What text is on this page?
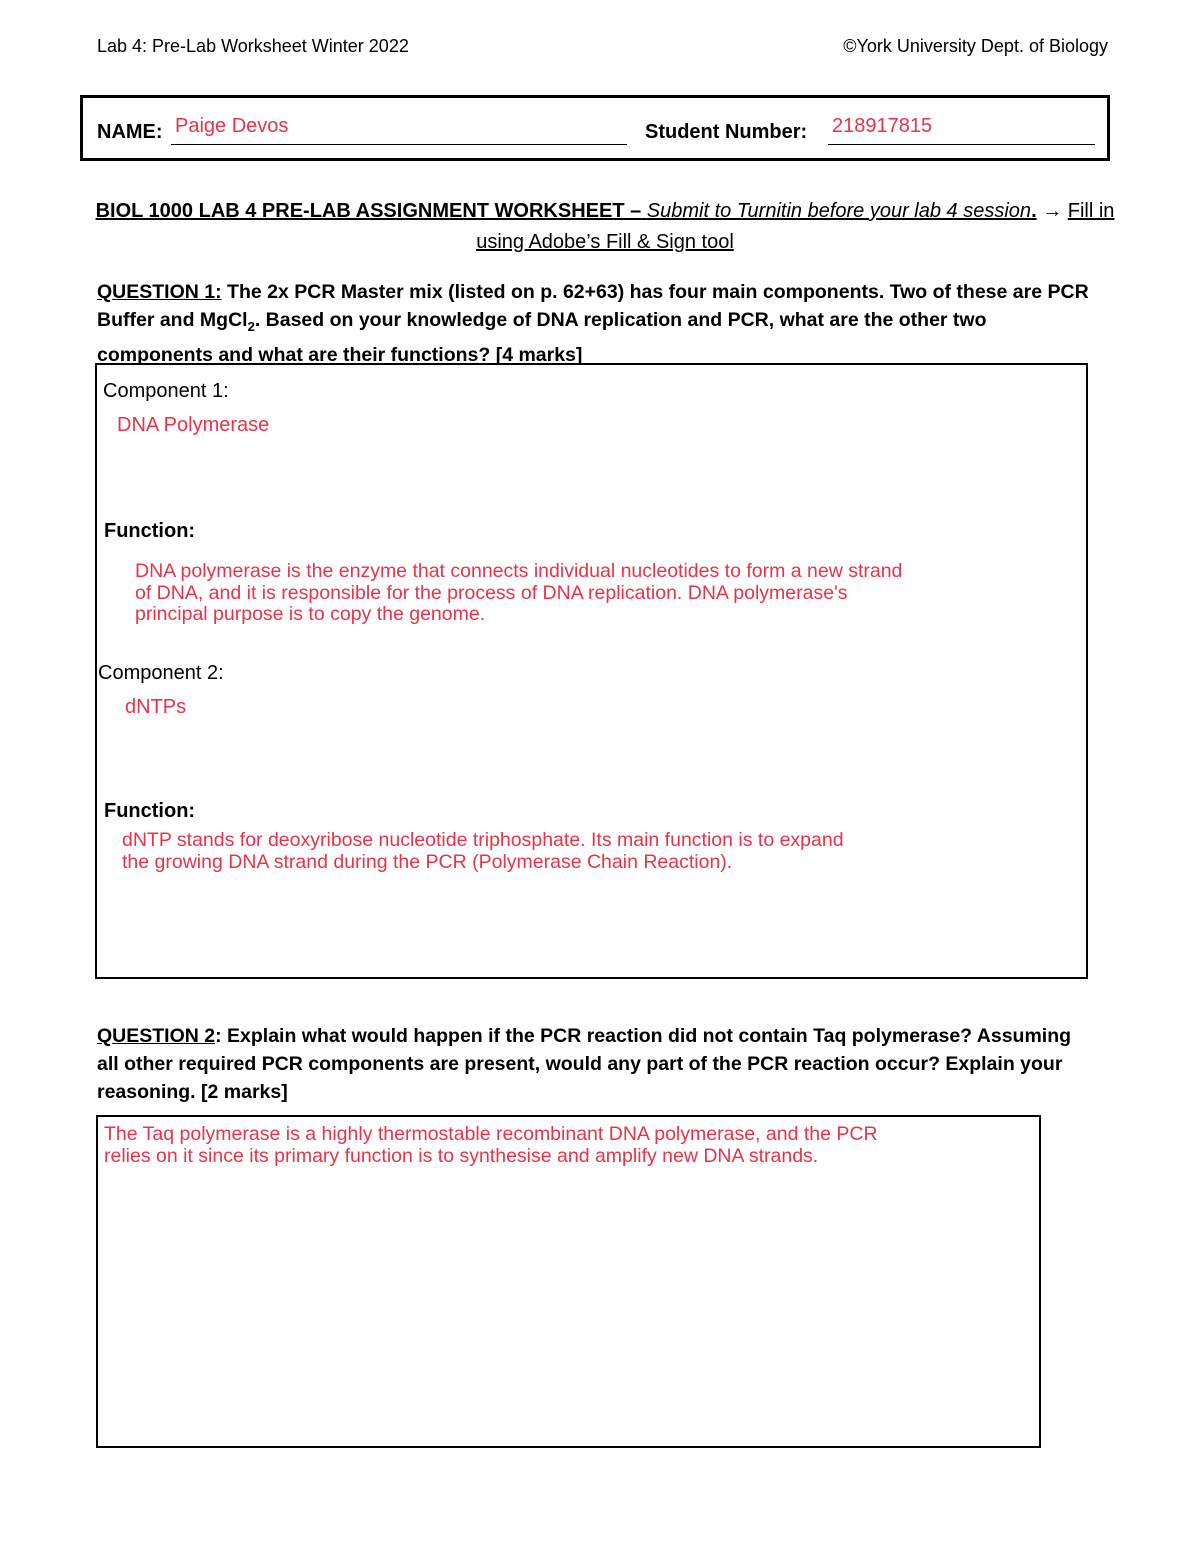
Lab 4: Pre-Lab Worksheet Winter 2022	©York University Dept. of Biology
NAME: Paige Devos	Student Number: 218917815
BIOL 1000 LAB 4 PRE-LAB ASSIGNMENT WORKSHEET – Submit to Turnitin before your lab 4 session. → Fill in using Adobe’s Fill & Sign tool
QUESTION 1: The 2x PCR Master mix (listed on p. 62+63) has four main components. Two of these are PCR Buffer and MgCl$_2$. Based on your knowledge of DNA replication and PCR, what are the other two components and what are their functions? [4 marks]
Component 1:
DNA Polymerase
Function:
DNA polymerase is the enzyme that connects individual nucleotides to form a new strand
of DNA, and it is responsible for the process of DNA replication. DNA polymerase's
principal purpose is to copy the genome.
Component 2:
dNTPs
Function:
dNTP stands for deoxyribose nucleotide triphosphate. Its main function is to expand
the growing DNA strand during the PCR (Polymerase Chain Reaction).
QUESTION 2: Explain what would happen if the PCR reaction did not contain Taq polymerase? Assuming all other required PCR components are present, would any part of the PCR reaction occur? Explain your reasoning. [2 marks]
The Taq polymerase is a highly thermostable recombinant DNA polymerase, and the PCR
relies on it since its primary function is to synthesise and amplify new DNA strands.
